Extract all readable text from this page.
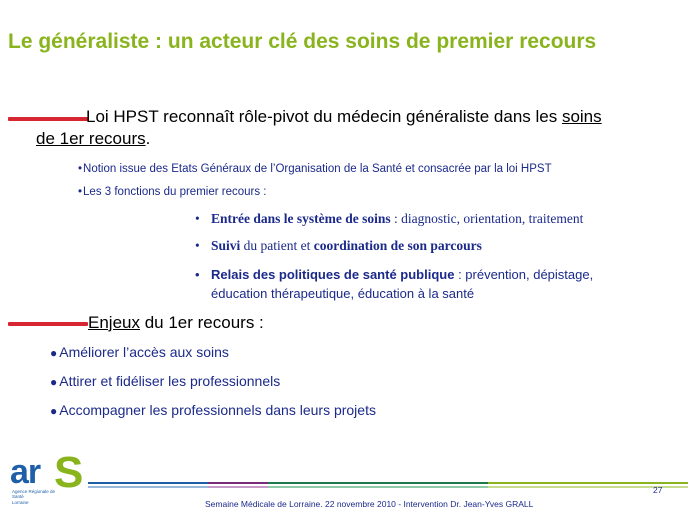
Le généraliste : un acteur clé des soins de premier recours
Loi HPST reconnaît rôle-pivot du médecin généraliste dans les soins
de 1er recours.
•Notion issue des Etats Généraux de l’Organisation de la Santé et consacrée par la loi HPST
•Les 3 fonctions du premier recours :
• Entrée dans le système de soins : diagnostic, orientation, traitement
• Suivi du patient et coordination de son parcours
• Relais des politiques de santé publique : prévention, dépistage,
éducation thérapeutique, éducation à la santé
Enjeux du 1er recours :
● Améliorer l’accès aux soins
● Attirer et fidéliser les professionnels
● Accompagner les professionnels dans leurs projets
ar S
Agence Régionale de Santé
Lorraine	Semaine Médicale de Lorraine. 22 novembre 2010 - Intervention Dr. Jean-Yves GRALL
27
